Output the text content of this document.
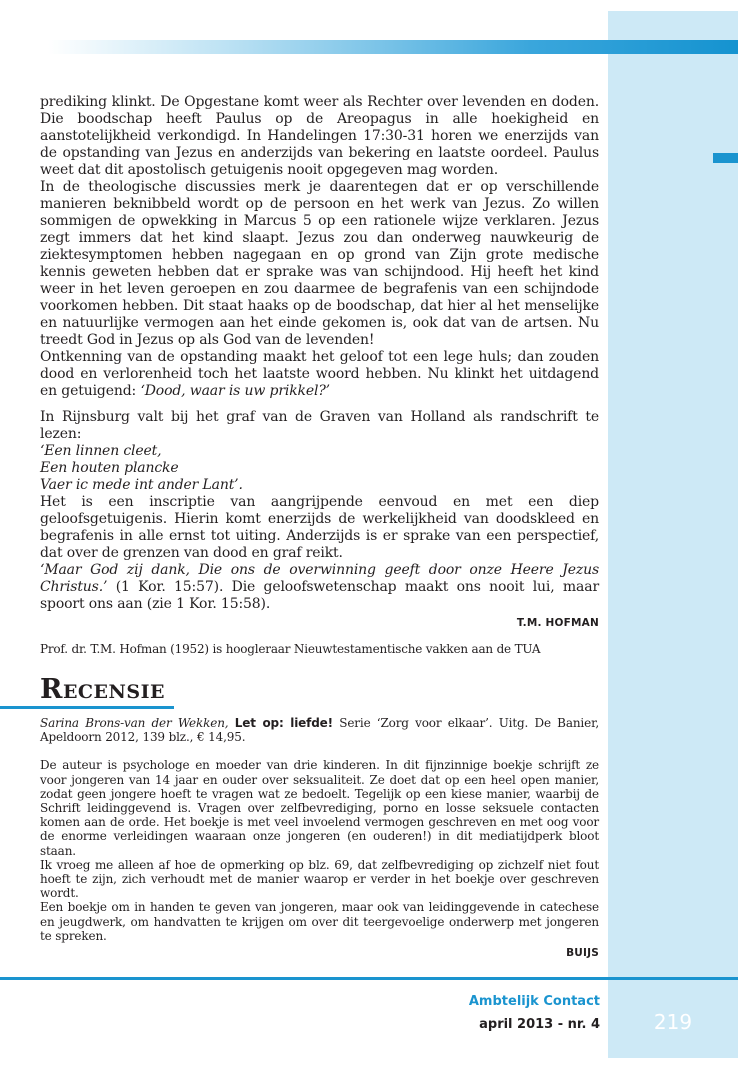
prediking klinkt. De Opgestane komt weer als Rechter over levenden en doden. Die boodschap heeft Paulus op de Areopagus in alle hoekigheid en aanstotelijkheid verkondigd. In Handelingen 17:30-31 horen we enerzijds van de opstanding van Jezus en anderzijds van bekering en laatste oordeel. Paulus weet dat dit apostolisch getuigenis nooit opgegeven mag worden.

In de theologische discussies merk je daarentegen dat er op verschillende manieren beknibbeld wordt op de persoon en het werk van Jezus. Zo willen sommigen de opwekking in Marcus 5 op een rationele wijze verklaren. Jezus zegt immers dat het kind slaapt. Jezus zou dan onderweg nauwkeurig de ziektesymptomen hebben nagegaan en op grond van Zijn grote medische kennis geweten hebben dat er sprake was van schijndood. Hij heeft het kind weer in het leven geroepen en zou daarmee de begrafenis van een schijndode voorkomen hebben. Dit staat haaks op de boodschap, dat hier al het menselijke en natuurlijke vermogen aan het einde gekomen is, ook dat van de artsen. Nu treedt God in Jezus op als God van de levenden!

Ontkenning van de opstanding maakt het geloof tot een lege huls; dan zouden dood en verlorenheid toch het laatste woord hebben. Nu klinkt het uitdagend en getuigend: ‘Dood, waar is uw prikkel?’

In Rijnsburg valt bij het graf van de Graven van Holland als randschrift te lezen:

‘Een linnen cleet,
Een houten plancke
Vaer ic mede int ander Lant’.

Het is een inscriptie van aangrijpende eenvoud en met een diep geloofsgetuigenis. Hierin komt enerzijds de werkelijkheid van doodskleed en begrafenis in alle ernst tot uiting. Anderzijds is er sprake van een perspectief, dat over de grenzen van dood en graf reikt.

‘Maar God zij dank, Die ons de overwinning geeft door onze Heere Jezus Christus.’ (1 Kor. 15:57). Die geloofswetenschap maakt ons nooit lui, maar spoort ons aan (zie 1 Kor. 15:58).

T.M. HOFMAN
Prof. dr. T.M. Hofman (1952) is hoogleraar Nieuwtestamentische vakken aan de TUA
Recensie

Sarina Brons-van der Wekken, Let op: liefde! Serie ‘Zorg voor elkaar’. Uitg. De Banier, Apeldoorn 2012, 139 blz., € 14,95.

De auteur is psychologe en moeder van drie kinderen. In dit fijnzinnige boekje schrijft ze voor jongeren van 14 jaar en ouder over seksualiteit. Ze doet dat op een heel open manier, zodat geen jongere hoeft te vragen wat ze bedoelt. Tegelijk op een kiese manier, waarbij de Schrift leidinggevend is. Vragen over zelfbevrediging, porno en losse seksuele contacten komen aan de orde. Het boekje is met veel invoelend vermogen geschreven en met oog voor de enorme verleidingen waaraan onze jongeren (en ouderen!) in dit mediatijdperk bloot staan.

Ik vroeg me alleen af hoe de opmerking op blz. 69, dat zelfbevrediging op zichzelf niet fout hoeft te zijn, zich verhoudt met de manier waarop er verder in het boekje over geschreven wordt.

Een boekje om in handen te geven van jongeren, maar ook van leidinggevende in catechese en jeugdwerk, om handvatten te krijgen om over dit teergevoelige onderwerp met jongeren te spreken.

BUIJS
Ambtelijk Contact
april 2013 - nr. 4	219
